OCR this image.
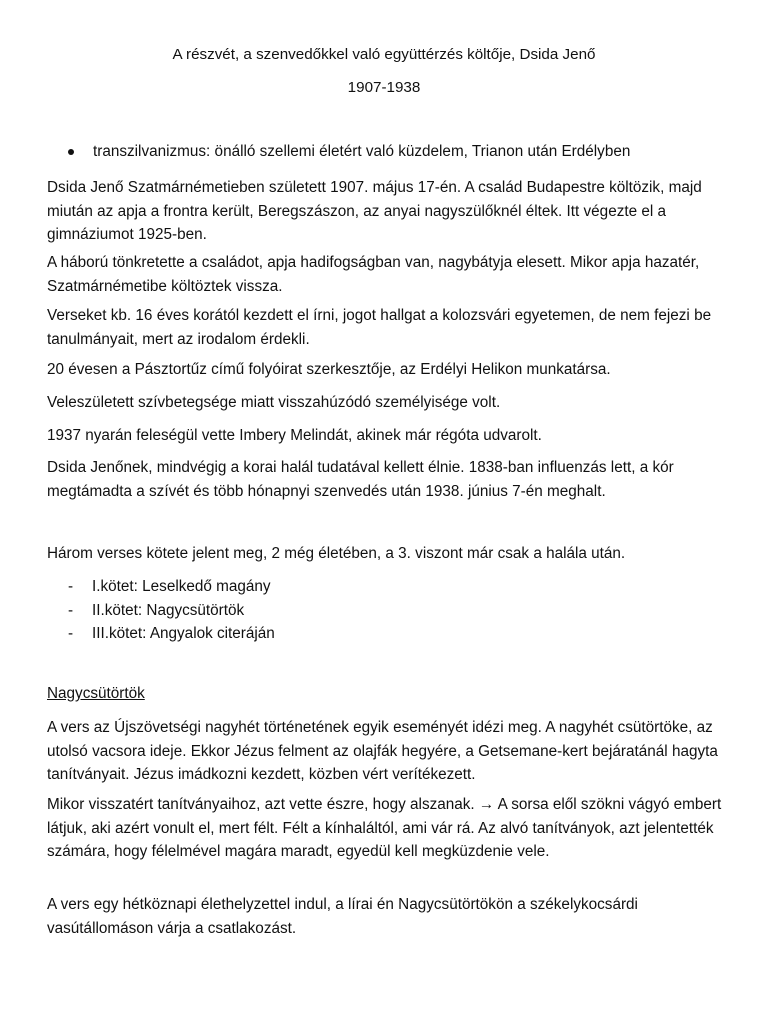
A részvét, a szenvedőkkel való együttérzés költője, Dsida Jenő
1907-1938
transzilvanizmus: önálló szellemi életért való küzdelem, Trianon után Erdélyben

Dsida Jenő Szatmárnémetieben született 1907. május 17-én. A család Budapestre költözik, majd miután az apja a frontra került, Beregszászon, az anyai nagyszülőknél éltek. Itt végezte el a gimnáziumot 1925-ben.

A háború tönkretette a családot, apja hadifogságban van, nagybátyja elesett. Mikor apja hazatér, Szatmárnémetibe költöztek vissza.

Verseket kb. 16 éves korától kezdett el írni, jogot hallgat a kolozsvári egyetemen, de nem fejezi be tanulmányait, mert az irodalom érdekli.

20 évesen a Pásztortűz című folyóirat szerkesztője, az Erdélyi Helikon munkatársa.

Veleszületett szívbetegsége miatt visszahúzódó személyisége volt.

1937 nyarán feleségül vette Imbery Melindát, akinek már régóta udvarolt.

Dsida Jenőnek, mindvégig a korai halál tudatával kellett élnie. 1838-ban influenzás lett, a kór megtámadta a szívét és több hónapnyi szenvedés után 1938. június 7-én meghalt.

Három verses kötete jelent meg, 2 még életében, a 3. viszont már csak a halála után.

- I.kötet: Leselkedő magány
- II.kötet: Nagycsütörtök
- III.kötet: Angyalok citeráján
Nagycsütörtök

A vers az Újszövetségi nagyhét történetének egyik eseményét idézi meg. A nagyhét csütörtöke, az utolsó vacsora ideje. Ekkor Jézus felment az olajfák hegyére, a Getsemane-kert bejáratánál hagyta tanítványait. Jézus imádkozni kezdett, közben vért verítékezett.

Mikor visszatért tanítványaihoz, azt vette észre, hogy alszanak. → A sorsa elől szökni vágyó embert látjuk, aki azért vonult el, mert félt. Félt a kínhaláltól, ami vár rá. Az alvó tanítványok, azt jelentették számára, hogy félelmével magára maradt, egyedül kell megküzdenie vele.

A vers egy hétköznapi élethelyzettel indul, a lírai én Nagycsütörtökön a székelykocsárdi vasútállomáson várja a csatlakozást.
